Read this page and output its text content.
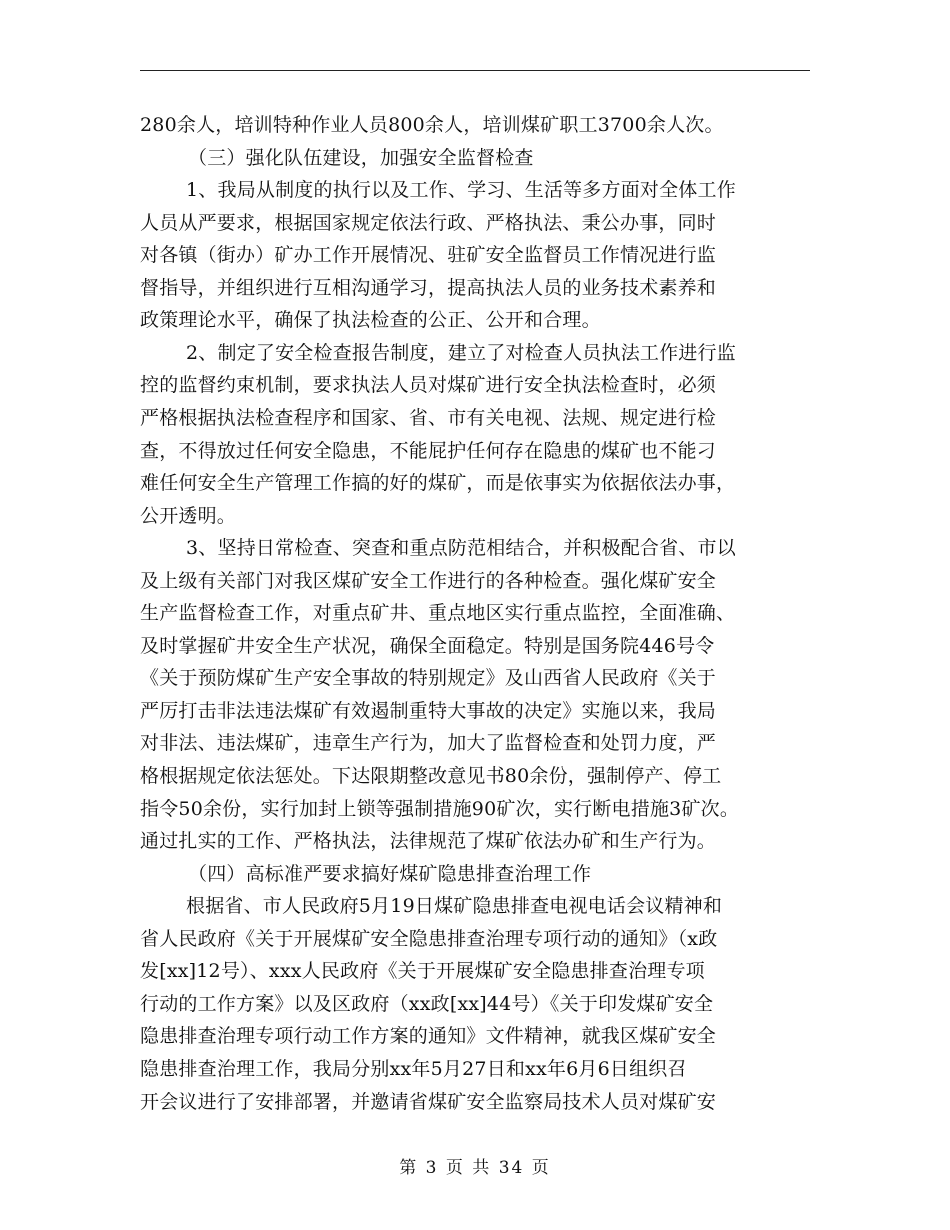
280余人，培训特种作业人员800余人，培训煤矿职工3700余人次。
（三）强化队伍建设，加强安全监督检查
1、我局从制度的执行以及工作、学习、生活等多方面对全体工作
人员从严要求，根据国家规定依法行政、严格执法、秉公办事，同时
对各镇（街办）矿办工作开展情况、驻矿安全监督员工作情况进行监
督指导，并组织进行互相沟通学习，提高执法人员的业务技术素养和
政策理论水平，确保了执法检查的公正、公开和合理。
2、制定了安全检查报告制度，建立了对检查人员执法工作进行监
控的监督约束机制，要求执法人员对煤矿进行安全执法检查时，必须
严格根据执法检查程序和国家、省、市有关电视、法规、规定进行检
查，不得放过任何安全隐患，不能屁护任何存在隐患的煤矿也不能刁
难任何安全生产管理工作搞的好的煤矿，而是依事实为依据依法办事，
公开透明。
3、坚持日常检查、突查和重点防范相结合，并积极配合省、市以
及上级有关部门对我区煤矿安全工作进行的各种检查。强化煤矿安全
生产监督检查工作，对重点矿井、重点地区实行重点监控，全面准确、
及时掌握矿井安全生产状况，确保全面稳定。特别是国务院446号令
《关于预防煤矿生产安全事故的特别规定》及山西省人民政府《关于
严厉打击非法违法煤矿有效遏制重特大事故的决定》实施以来，我局
对非法、违法煤矿，违章生产行为，加大了监督检查和处罚力度，严
格根据规定依法惩处。下达限期整改意见书80余份，强制停产、停工
指令50余份，实行加封上锁等强制措施90矿次，实行断电措施3矿次。
通过扎实的工作、严格执法，法律规范了煤矿依法办矿和生产行为。
（四）高标准严要求搞好煤矿隐患排查治理工作
根据省、市人民政府5月19日煤矿隐患排查电视电话会议精神和
省人民政府《关于开展煤矿安全隐患排查治理专项行动的通知》（x政
发[xx]12号）、xxx人民政府《关于开展煤矿安全隐患排查治理专项
行动的工作方案》以及区政府（xx政[xx]44号）《关于印发煤矿安全
隐患排查治理专项行动工作方案的通知》文件精神，就我区煤矿安全
隐患排查治理工作，我局分别xx年5月27日和xx年6月6日组织召
开会议进行了安排部署，并邀请省煤矿安全监察局技术人员对煤矿安
第 3 页 共 34 页
